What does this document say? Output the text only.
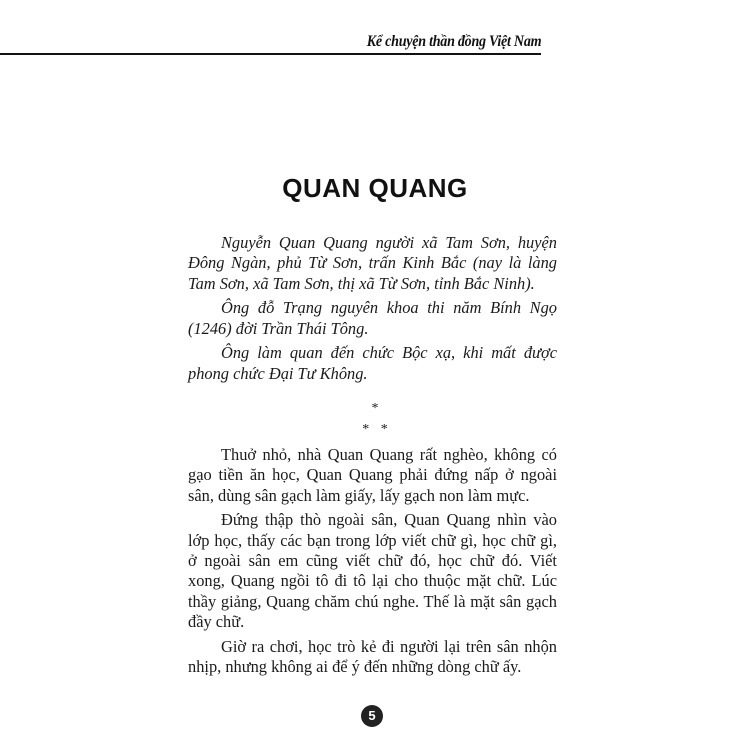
Kể chuyện thần đồng Việt Nam
QUAN QUANG

Nguyễn Quan Quang người xã Tam Sơn, huyện Đông Ngàn, phủ Từ Sơn, trấn Kinh Bắc (nay là làng Tam Sơn, xã Tam Sơn, thị xã Từ Sơn, tỉnh Bắc Ninh).

Ông đỗ Trạng nguyên khoa thi năm Bính Ngọ (1246) đời Trần Thái Tông.

Ông làm quan đến chức Bộc xạ, khi mất được phong chức Đại Tư Không.

*
* *

Thuở nhỏ, nhà Quan Quang rất nghèo, không có gạo tiền ăn học, Quan Quang phải đứng nấp ở ngoài sân, dùng sân gạch làm giấy, lấy gạch non làm mực.

Đứng thập thò ngoài sân, Quan Quang nhìn vào lớp học, thấy các bạn trong lớp viết chữ gì, học chữ gì, ở ngoài sân em cũng viết chữ đó, học chữ đó. Viết xong, Quang ngồi tô đi tô lại cho thuộc mặt chữ. Lúc thầy giảng, Quang chăm chú nghe. Thế là mặt sân gạch đầy chữ.

Giờ ra chơi, học trò kẻ đi người lại trên sân nhộn nhịp, nhưng không ai để ý đến những dòng chữ ấy.

5
